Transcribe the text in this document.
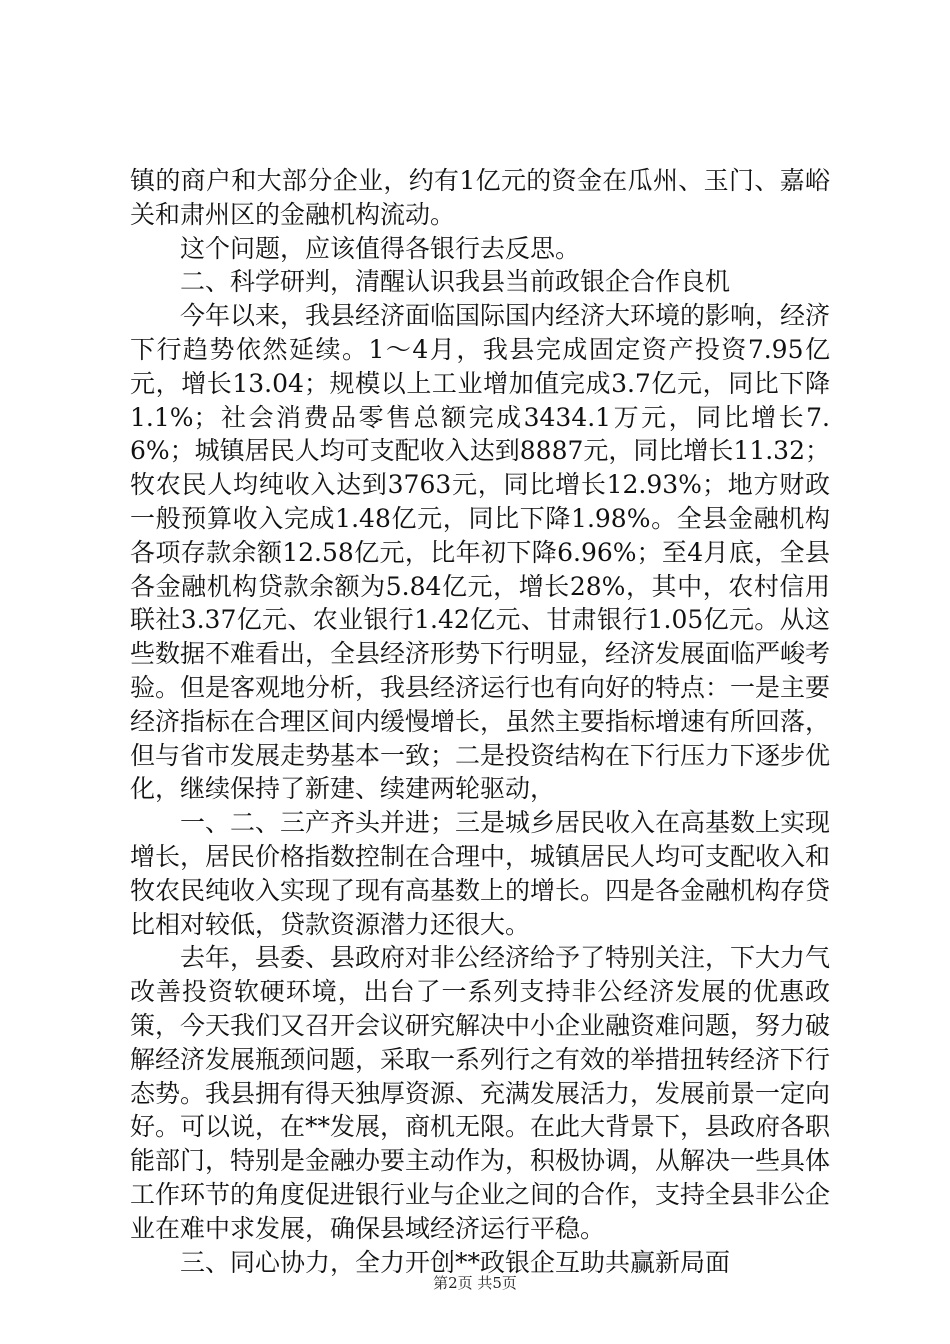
镇的商户和大部分企业，约有1亿元的资金在瓜州、玉门、嘉峪关和肃州区的金融机构流动。

这个问题，应该值得各银行去反思。

二、科学研判，清醒认识我县当前政银企合作良机

今年以来，我县经济面临国际国内经济大环境的影响，经济下行趋势依然延续。1～4月，我县完成固定资产投资7.95亿元，增长13.04；规模以上工业增加值完成3.7亿元，同比下降1.1%；社会消费品零售总额完成3434.1万元，同比增长7.6%；城镇居民人均可支配收入达到8887元，同比增长11.32；牧农民人均纯收入达到3763元，同比增长12.93%；地方财政一般预算收入完成1.48亿元，同比下降1.98%。全县金融机构各项存款余额12.58亿元，比年初下降6.96%；至4月底，全县各金融机构贷款余额为5.84亿元，增长28%，其中，农村信用联社3.37亿元、农业银行1.42亿元、甘肃银行1.05亿元。从这些数据不难看出，全县经济形势下行明显，经济发展面临严峻考验。但是客观地分析，我县经济运行也有向好的特点：一是主要经济指标在合理区间内缓慢增长，虽然主要指标增速有所回落，但与省市发展走势基本一致；二是投资结构在下行压力下逐步优化，继续保持了新建、续建两轮驱动，

一、二、三产齐头并进；三是城乡居民收入在高基数上实现增长，居民价格指数控制在合理中，城镇居民人均可支配收入和牧农民纯收入实现了现有高基数上的增长。四是各金融机构存贷比相对较低，贷款资源潜力还很大。

去年，县委、县政府对非公经济给予了特别关注，下大力气改善投资软硬环境，出台了一系列支持非公经济发展的优惠政策，今天我们又召开会议研究解决中小企业融资难问题，努力破解经济发展瓶颈问题，采取一系列行之有效的举措扭转经济下行态势。我县拥有得天独厚资源、充满发展活力，发展前景一定向好。可以说，在**发展，商机无限。在此大背景下，县政府各职能部门，特别是金融办要主动作为，积极协调，从解决一些具体工作环节的角度促进银行业与企业之间的合作，支持全县非公企业在难中求发展，确保县域经济运行平稳。

三、同心协力，全力开创**政银企互助共赢新局面

第2页 共5页
